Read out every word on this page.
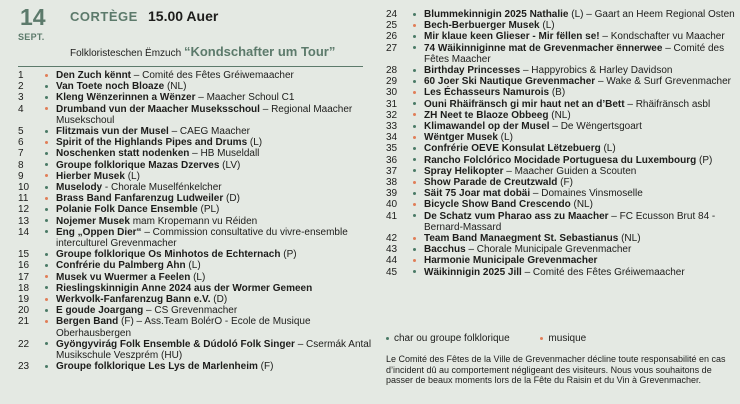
14
SEPT.
CORTÈGE 15.00 Auer
Folkloristeschen Ëmzuch “Kondschafter um Tour”
1	Den Zuch kënnt – Comité des Fêtes Gréiwemaacher
2	Van Toete noch Bloaze (NL)
3	Kleng Wënzerinnen a Wënzer – Maacher Schoul C1
4	Drumband vun der Maacher Museksschoul – Regional Maacher Musekschoul
5	Flitzmais vun der Musel – CAEG Maacher
6	Spirit of the Highlands Pipes and Drums (L)
7	Noschenken statt nodenken – HB Museldall
8	Groupe folklorique Mazas Dzerves (LV)
9	Hierber Musek (L)
10	Muselody - Chorale Muselfénkelcher
11	Brass Band Fanfarenzug Ludweiler (D)
12	Polanie Folk Dance Ensemble (PL)
13	Nojemer Musek mam Kropemann vu Réiden
14	Eng „Oppen Dier“ – Commission consultative du vivre-ensemble interculturel Grevenmacher
15	Groupe folklorique Os Minhotos de Echternach (P)
16	Confrérie du Palmberg Ahn (L)
17	Musek vu Wuermer a Feelen (L)
18	Rieslingskinnigin Anne 2024 aus der Wormer Gemeen
19	Werkvolk-Fanfarenzug Bann e.V. (D)
20	E goude Joargang – CS Grevenmacher
21	Bergen Band (F) – Ass.Team BolérO - Ecole de Musique Oberhausbergen
22	Gyöngyvirág Folk Ensemble & Dúdoló Folk Singer – Csermák Antal Musikschule Veszprém (HU)
23	Groupe folklorique Les Lys de Marlenheim (F)
24	Blummekinnigin 2025 Nathalie (L) – Gaart an Heem Regional Osten
25	Bech-Berbuerger Musek (L)
26	Mir klaue keen Glieser - Mir fëllen se! – Kondschafter vu Maacher
27	74 Wäikinniginne mat de Grevenmacher ënnerwee – Comité des Fêtes Maacher
28	Birthday Princesses – Happyrobics & Harley Davidson
29	60 Joer Ski Nautique Grevenmacher – Wake & Surf Grevenmacher
30	Les Échasseurs Namurois (B)
31	Ouni Rhäifränsch gi mir haut net an d’Bett – Rhäifränsch asbl
32	ZH Neet te Blaoze Obbeeg (NL)
33	Klimawandel op der Musel – De Wëngertsgoart
34	Wëntger Musek (L)
35	Confrérie OEVE Konsulat Lëtzebuerg (L)
36	Rancho Folclórico Mocidade Portuguesa du Luxembourg (P)
37	Spray Helikopter – Maacher Guiden a Scouten
38	Show Parade de Creutzwald (F)
39	Säit 75 Joar mat dobäi – Domaines Vinsmoselle
40	Bicycle Show Band Crescendo (NL)
41	De Schatz vum Pharao ass zu Maacher – FC Ecusson Brut 84 - Bernard-Massard
42	Team Band Manaegment St. Sebastianus (NL)
43	Bacchus – Chorale Municipale Grevenmacher
44	Harmonie Municipale Grevenmacher
45	Wäikinnigin 2025 Jill – Comité des Fêtes Gréiwemaacher
char ou groupe folklorique	musique
Le Comité des Fêtes de la Ville de Grevenmacher décline toute responsabilité en cas d’incident dû au comportement négligeant des visiteurs. Nous vous souhaitons de passer de beaux moments lors de la Fête du Raisin et du Vin à Grevenmacher.
